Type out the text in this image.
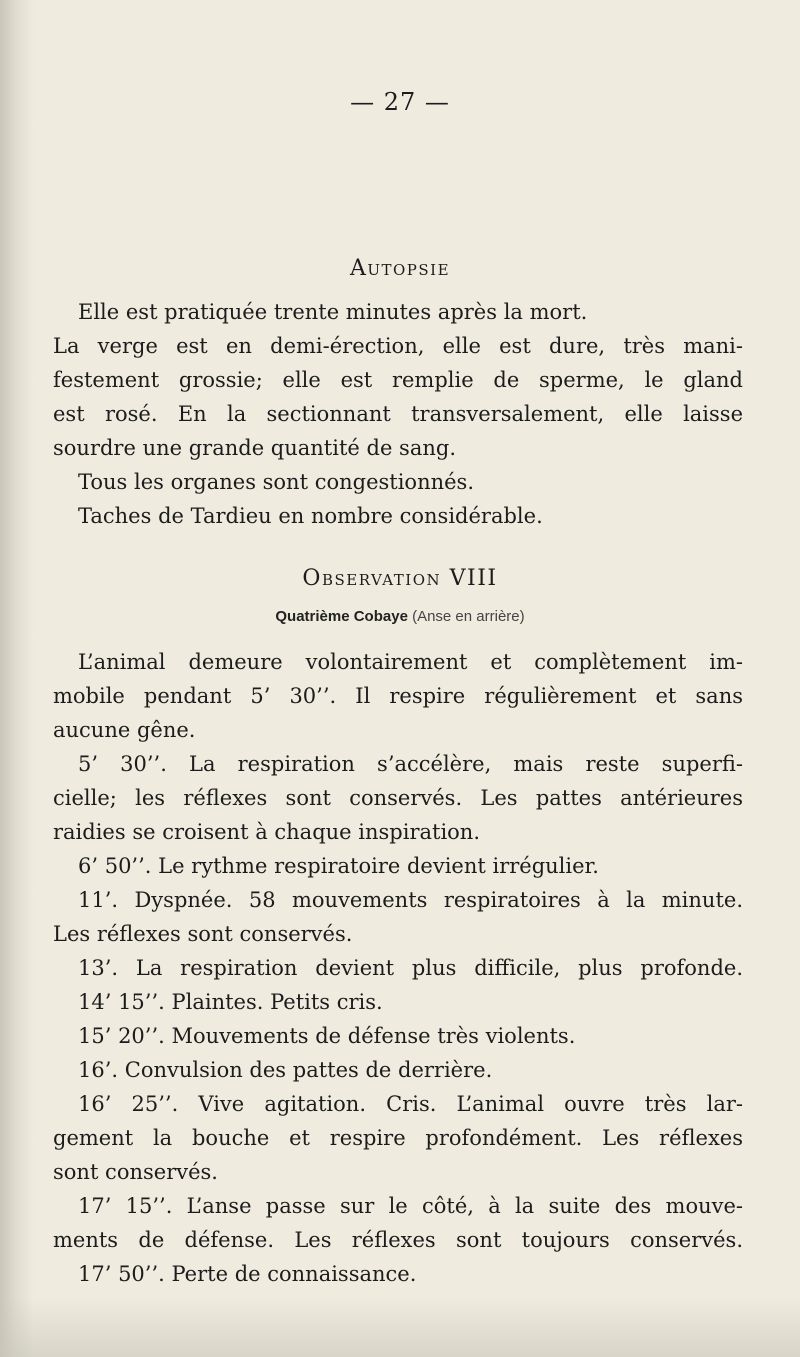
— 27 —
Autopsie
Elle est pratiquée trente minutes après la mort.
La verge est en demi-érection, elle est dure, très mani-
festement grossie; elle est remplie de sperme, le gland
est rosé. En la sectionnant transversalement, elle laisse
sourdre une grande quantité de sang.
Tous les organes sont congestionnés.
Taches de Tardieu en nombre considérable.
Observation VIII
Quatrième Cobaye (Anse en arrière)
L’animal demeure volontairement et complètement im-
mobile pendant 5’ 30’’. Il respire régulièrement et sans
aucune gêne.
5’ 30’’. La respiration s’accélère, mais reste superfi-
cielle; les réflexes sont conservés. Les pattes antérieures
raidies se croisent à chaque inspiration.
6’ 50’’. Le rythme respiratoire devient irrégulier.
11’. Dyspnée. 58 mouvements respiratoires à la minute.
Les réflexes sont conservés.
13’. La respiration devient plus difficile, plus profonde.
14’ 15’’. Plaintes. Petits cris.
15’ 20’’. Mouvements de défense très violents.
16’. Convulsion des pattes de derrière.
16’ 25’’. Vive agitation. Cris. L’animal ouvre très lar-
gement la bouche et respire profondément. Les réflexes
sont conservés.
17’ 15’’. L’anse passe sur le côté, à la suite des mouve-
ments de défense. Les réflexes sont toujours conservés.
17’ 50’’. Perte de connaissance.
